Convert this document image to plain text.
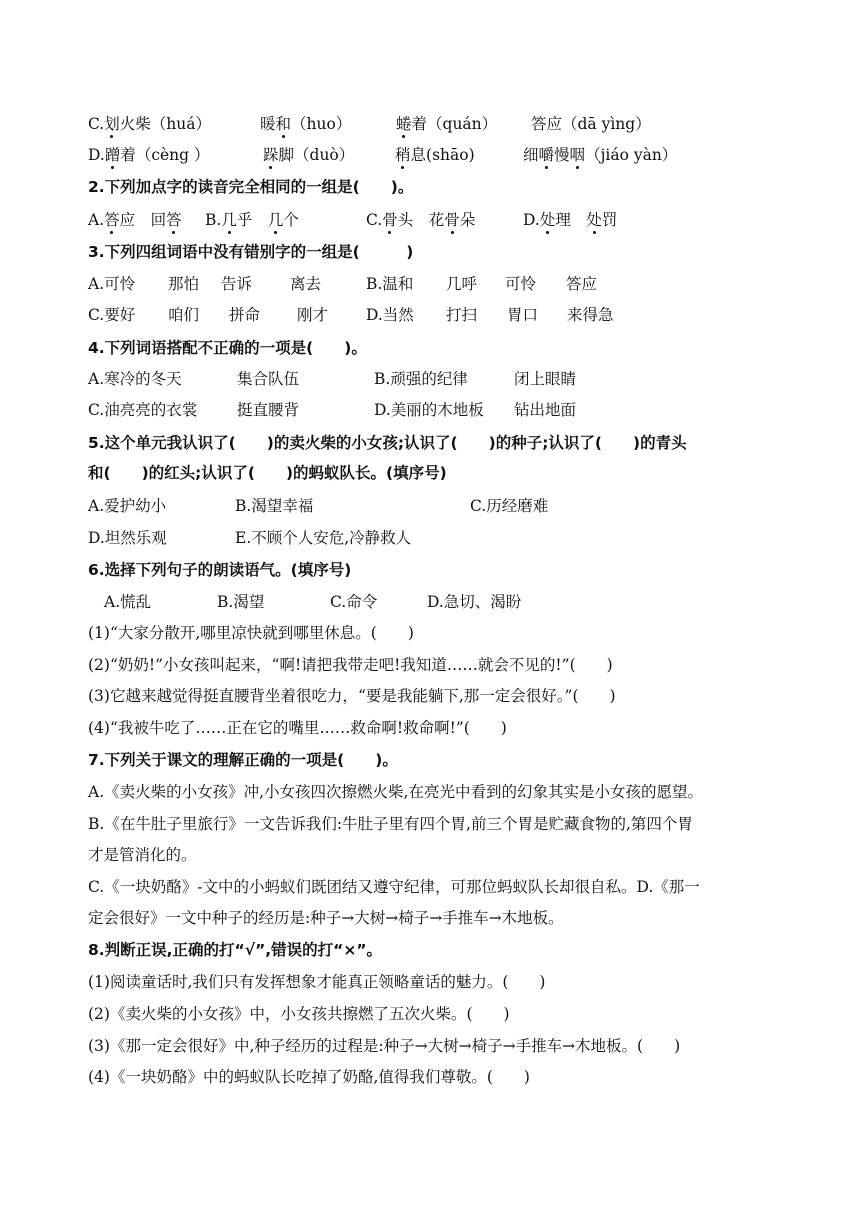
C.划火柴（huá）	暖和（huo）	蜷着（quán） 答应（dā yìng）
D.蹭着（cèng ）	跺脚（duò）	稍息(shāo)	细嚼慢咽（jiáo yàn）
2.下列加点字的读音完全相同的一组是(　　)。
A.答应　回答 B.几乎　 几个	C.骨头　花骨朵	D.处理　 处罚
3.下列四组词语中没有错别字的一组是(　　　)
A.可怜 那怕 告诉 离去	B.温和 几呼 可怜 答应
C.要好 咱们 拼命 刚才 D.当然 打扫 胃口 来得急
4.下列词语搭配不正确的一项是(　　)。
A.寒冷的冬天	集合队伍	B.顽强的纪律	闭上眼睛
C.油亮亮的衣裳	挺直腰背	D.美丽的木地板 钻出地面
5.这个单元我认识了(　　)的卖火柴的小女孩;认识了(　　)的种子;认识了(　　)的青头
和(　　)的红头;认识了(　　)的蚂蚁队长。(填序号)
A.爱护幼小	B.渴望幸福	C.历经磨难
D.坦然乐观	E.不顾个人安危,冷静救人
6.选择下列句子的朗读语气。(填序号)
A.慌乱	B.渴望	C.命令	D.急切、渴盼
(1)“大家分散开,哪里凉快就到哪里休息。(　　)
(2)“奶奶!”小女孩叫起来，“啊!请把我带走吧!我知道……就会不见的!”(　　)
(3)它越来越觉得挺直腰背坐着很吃力，“要是我能躺下,那一定会很好。”(　　)
(4)“我被牛吃了……正在它的嘴里……救命啊!救命啊!”(　　)
7.下列关于课文的理解正确的一项是(　　)。
A.《卖火柴的小女孩》冲,小女孩四次擦燃火柴,在亮光中看到的幻象其实是小女孩的愿望。
B.《在牛肚子里旅行》一文告诉我们:牛肚子里有四个胃,前三个胃是贮藏食物的,第四个胃
才是管消化的。
C.《一块奶酪》-文中的小蚂蚁们既团结又遵守纪律，可那位蚂蚁队长却很自私。D.《那一
定会很好》一文中种子的经历是:种子→大树→椅子→手推车→木地板。
8.判断正误,正确的打“√”,错误的打“×”。
(1)阅读童话时,我们只有发挥想象才能真正领略童话的魅力。(　　)
(2)《卖火柴的小女孩》中，小女孩共擦燃了五次火柴。(　　)
(3)《那一定会很好》中,种子经历的过程是:种子→大树→椅子→手推车→木地板。(　　)
(4)《一块奶酪》中的蚂蚁队长吃掉了奶酪,值得我们尊敬。(　　)
